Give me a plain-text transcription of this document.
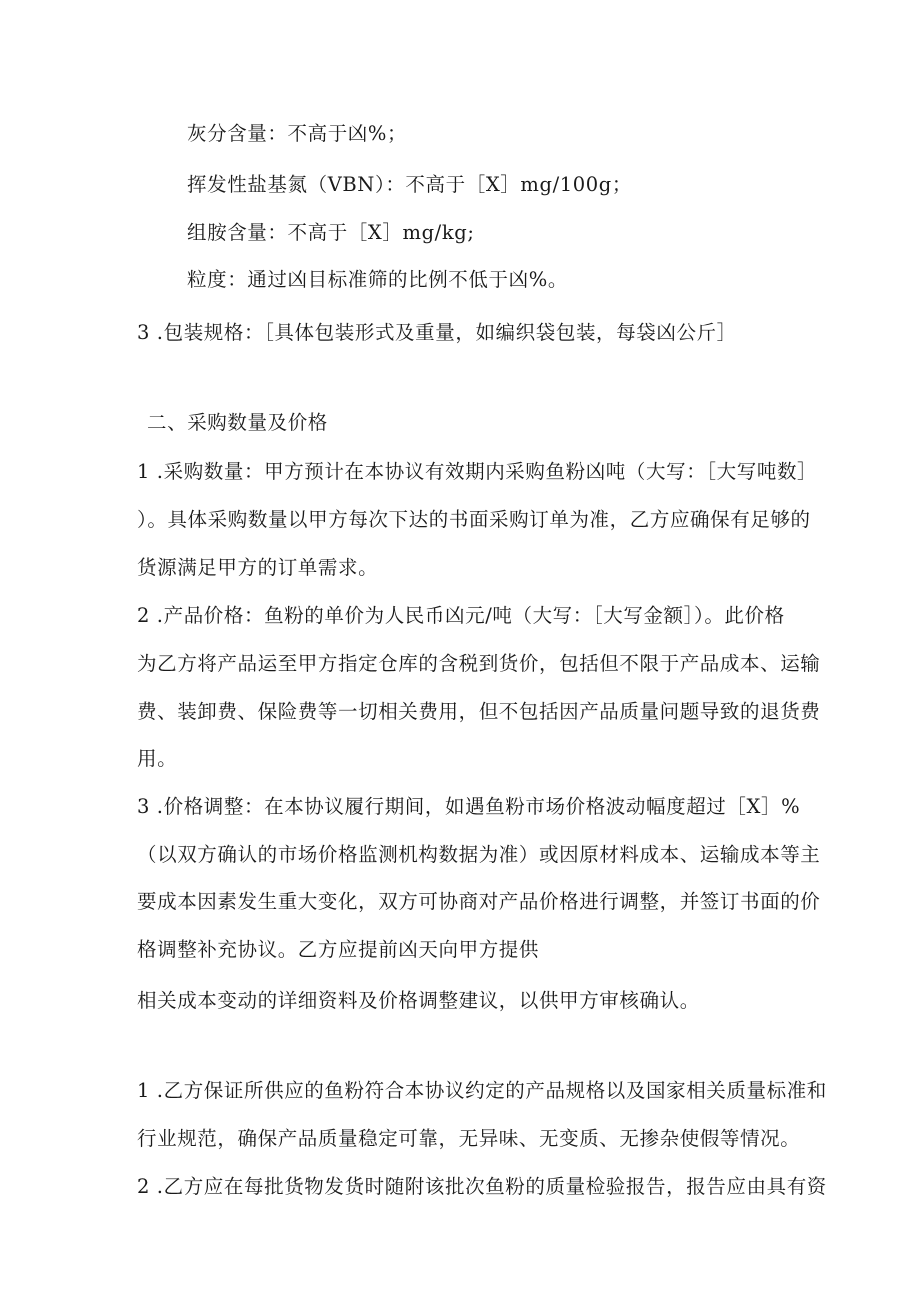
灰分含量：不高于凶%；
挥发性盐基氮（VBN）：不高于［X］mg/100g；
组胺含量：不高于［X］mg/kg;
粒度：通过凶目标准筛的比例不低于凶%。
3 .包装规格：［具体包装形式及重量，如编织袋包装，每袋凶公斤］
二、采购数量及价格
1 .采购数量：甲方预计在本协议有效期内采购鱼粉凶吨（大写：［大写吨数］
）。具体采购数量以甲方每次下达的书面采购订单为准，乙方应确保有足够的
货源满足甲方的订单需求。
2 .产品价格：鱼粉的单价为人民币凶元/吨（大写：［大写金额］）。此价格
为乙方将产品运至甲方指定仓库的含税到货价，包括但不限于产品成本、运输
费、装卸费、保险费等一切相关费用，但不包括因产品质量问题导致的退货费
用。
3 .价格调整：在本协议履行期间，如遇鱼粉市场价格波动幅度超过［X］%
（以双方确认的市场价格监测机构数据为准）或因原材料成本、运输成本等主
要成本因素发生重大变化，双方可协商对产品价格进行调整，并签订书面的价
格调整补充协议。乙方应提前凶天向甲方提供
相关成本变动的详细资料及价格调整建议，以供甲方审核确认。
1 .乙方保证所供应的鱼粉符合本协议约定的产品规格以及国家相关质量标准和
行业规范，确保产品质量稳定可靠，无异味、无变质、无掺杂使假等情况。
2 .乙方应在每批货物发货时随附该批次鱼粉的质量检验报告，报告应由具有资
